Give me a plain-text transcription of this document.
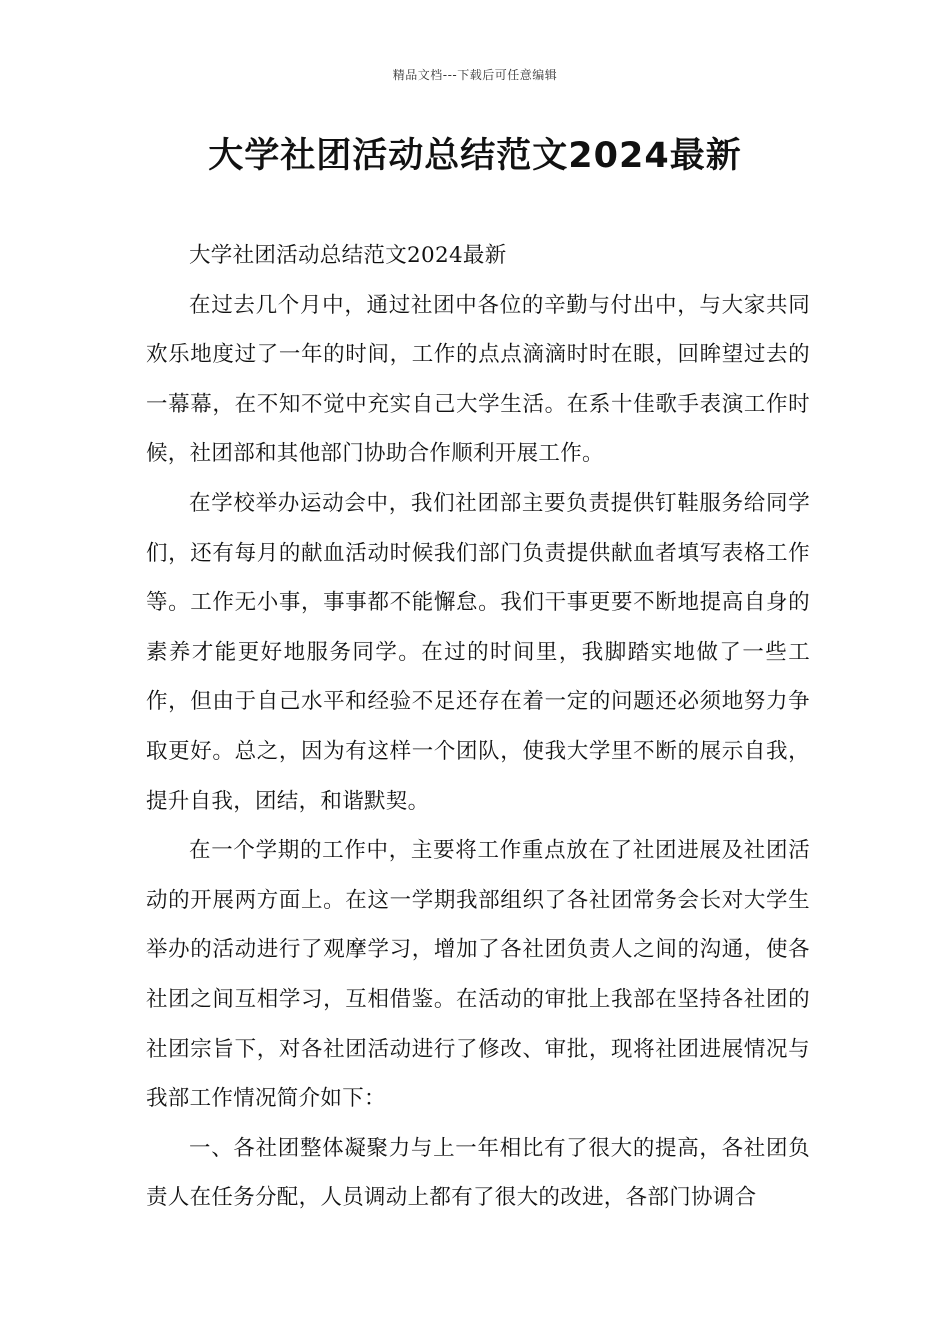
精品文档---下载后可任意编辑
大学社团活动总结范文2024最新

大学社团活动总结范文2024最新

在过去几个月中，通过社团中各位的辛勤与付出中，与大家共同欢乐地度过了一年的时间，工作的点点滴滴时时在眼，回眸望过去的一幕幕，在不知不觉中充实自己大学生活。在系十佳歌手表演工作时候，社团部和其他部门协助合作顺利开展工作。

在学校举办运动会中，我们社团部主要负责提供钉鞋服务给同学们，还有每月的献血活动时候我们部门负责提供献血者填写表格工作等。工作无小事，事事都不能懈怠。我们干事更要不断地提高自身的素养才能更好地服务同学。在过的时间里，我脚踏实地做了一些工作，但由于自己水平和经验不足还存在着一定的问题还必须地努力争取更好。总之，因为有这样一个团队，使我大学里不断的展示自我，提升自我，团结，和谐默契。

在一个学期的工作中，主要将工作重点放在了社团进展及社团活动的开展两方面上。在这一学期我部组织了各社团常务会长对大学生举办的活动进行了观摩学习，增加了各社团负责人之间的沟通，使各社团之间互相学习，互相借鉴。在活动的审批上我部在坚持各社团的社团宗旨下，对各社团活动进行了修改、审批，现将社团进展情况与我部工作情况简介如下：

一、各社团整体凝聚力与上一年相比有了很大的提高，各社团负责人在任务分配，人员调动上都有了很大的改进，各部门协调合
